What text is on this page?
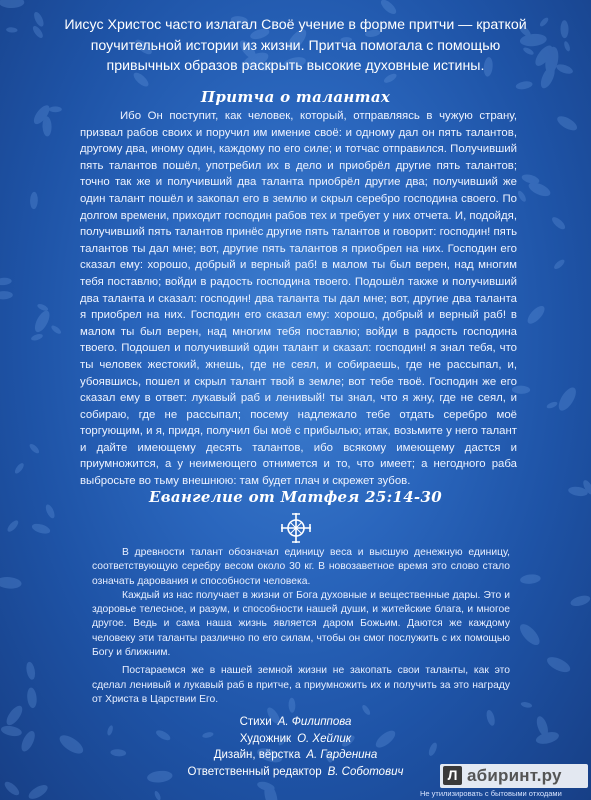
Иисус Христос часто излагал Своё учение в форме притчи — краткой поучительной истории из жизни. Притча помогала с помощью привычных образов раскрыть высокие духовные истины.
Притча о талантах

Ибо Он поступит, как человек, который, отправляясь в чужую страну, призвал рабов своих и поручил им имение своё: и одному дал он пять талантов, другому два, иному один, каждому по его силе; и тотчас отправился. Получивший пять талантов пошёл, употребил их в дело и приобрёл другие пять талантов; точно так же и получивший два таланта приобрёл другие два; получивший же один талант пошёл и закопал его в землю и скрыл серебро господина своего. По долгом времени, приходит господин рабов тех и требует у них отчета. И, подойдя, получивший пять талантов принёс другие пять талантов и говорит: господин! пять талантов ты дал мне; вот, другие пять талантов я приобрел на них. Господин его сказал ему: хорошо, добрый и верный раб! в малом ты был верен, над многим тебя поставлю; войди в радость господина твоего. Подошёл также и получивший два таланта и сказал: господин! два таланта ты дал мне; вот, другие два таланта я приобрел на них. Господин его сказал ему: хорошо, добрый и верный раб! в малом ты был верен, над многим тебя поставлю; войди в радость господина твоего. Подошел и получивший один талант и сказал: господин! я знал тебя, что ты человек жестокий, жнешь, где не сеял, и собираешь, где не рассыпал, и, убоявшись, пошел и скрыл талант твой в земле; вот тебе твоё. Господин же его сказал ему в ответ: лукавый раб и ленивый! ты знал, что я жну, где не сеял, и собираю, где не рассыпал; посему надлежало тебе отдать серебро моё торгующим, и я, придя, получил бы моё с прибылью; итак, возьмите у него талант и дайте имеющему десять талантов, ибо всякому имеющему дастся и приумножится, а у неимеющего отнимется и то, что имеет; а негодного раба выбросьте во тьму внешнюю: там будет плач и скрежет зубов.

Евангелие от Матфея 25:14-30

В древности талант обозначал единицу веса и высшую денежную единицу, соответствующую серебру весом около 30 кг. В новозаветное время это слово стало означать дарования и способности человека.

Каждый из нас получает в жизни от Бога духовные и вещественные дары. Это и здоровье телесное, и разум, и способности нашей души, и житейские блага, и многое другое. Ведь и сама наша жизнь является даром Божьим. Даются же каждому человеку эти таланты различно по его силам, чтобы он смог послужить с их помощью Богу и ближним.

Постараемся же в нашей земной жизни не закопать свои таланты, как это сделал ленивый и лукавый раб в притче, а приумножить их и получить за это награду от Христа в Царствии Его.

Стихи А. Филиппова
Художник О. Хейлик
Дизайн, вёрстка А. Гарденина
Ответственный редактор В. Соботович	Л абиринт.ру
Не утилизировать с бытовыми отходами
